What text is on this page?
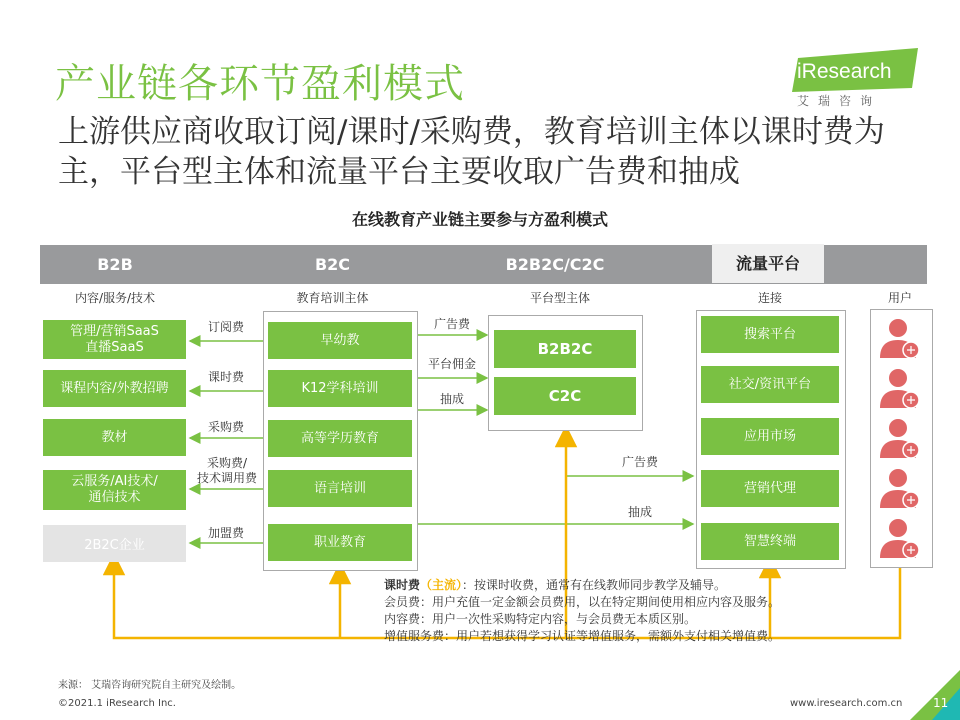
产业链各环节盈利模式
上游供应商收取订阅/课时/采购费，教育培训主体以课时费为主，平台型主体和流量平台主要收取广告费和抽成
iResearch
艾瑞咨询
在线教育产业链主要参与方盈利模式
B2B	B2C	B2B2C/C2C	流量平台
内容/服务/技术	教育培训主体	平台型主体	连接	用户
管理/营销SaaS
直播SaaS
课程内容/外教招聘
教材
云服务/AI技术/
通信技术
2B2C企业
订阅费
课时费
采购费
采购费/
技术调用费
加盟费
早幼教
K12学科培训
高等学历教育
语言培训
职业教育
广告费
平台佣金
抽成
B2B2C
C2C
广告费
抽成
搜索平台
社交/资讯平台
应用市场
营销代理
智慧终端
课时费（主流）：按课时收费，通常有在线教师同步教学及辅导。
会员费：用户充值一定金额会员费用，以在特定期间使用相应内容及服务。
内容费：用户一次性采购特定内容，与会员费无本质区别。
增值服务费：用户若想获得学习认证等增值服务，需额外支付相关增值费。
来源： 艾瑞咨询研究院自主研究及绘制。
©2021.1 iResearch Inc.	www.iresearch.com.cn	11
